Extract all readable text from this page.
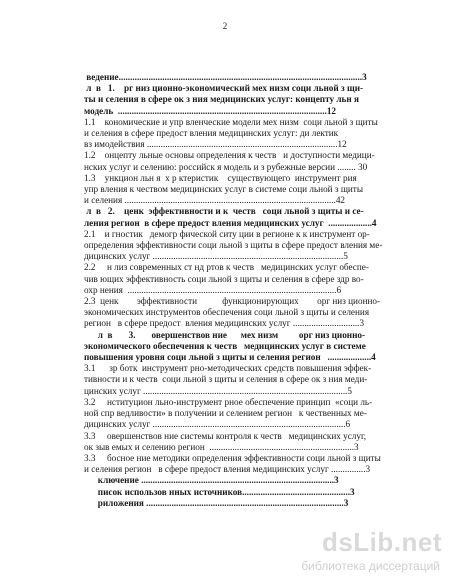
2
ведение..........................................................................................................3
л  в   1.    рг низ ционно-экономический мех низм соци льной з щи-
ты и селения в сфере ок з ния медицинских услуг: концепту льн я
модель  ...........................................................................................12
1.1    кономические и упр вленческие модели мех низм  соци льной з щиты
и селения в сфере предост вления медицинских услуг: ди лектик
вз имодействия ...................................................................................12
1.2    онцепту льные основы определения к честв   и доступности медици-
нских услуг и селению: российск я модель и з рубежные версии ........ 30
1.3    ункцион льн я  х р ктеристик    существующего  инструмент рия
упр вления к чеством медицинских услуг в системе соци льной з щиты
и селения ............................................................................................42
л  в   2.    ценк  эффективности и к  честв   соци льной з щиты и се-
ления регион  в сфере предост вления медицинских услуг  ...................4
2.1    и гностик   демогр фической ситу ции в регионе к к инструмент ор-
определения эффективности соци льной з щиты в сфере предост вления ме-
дицинских услуг ...................................................................................5
2.2     н лиз современных ст нд ртов к честв   медицинских услуг обеспе-
чив ющих эффективность соци льной з щиты и селения в сфере здр во-
охр нения  ...........................................................................................6
2.3  ценк        эффективности           функционирующих        орг низ ционно-
экономических инструментов обеспечения соци льной з щиты и селения
регион   в сфере предост  вления медицинских услуг .............................3
л  в       3.       овершенствов ние      мех низм         орг низ ционно-
экономического обеспечения к честв   медицинских услуг в системе
повышения уровня соци льной з щиты и селения регион   ...................4
3.1      зр ботк  инструмент рно-методических средств повышения эффек-
тивности и к честв  соци льной з щиты и селения в сфере ок з ния меди-
цинских услуг .........................................................................................5
3.2     нституцион льно-инструмент рное обеспечение принцип  «соци ль-
ной спр ведливости» в получении и селением регион   к чественных ме-
дицинских услуг ....................................................................................6
3.3     овершенствов ние системы контроля к честв   медицинских услуг,
ок зыв емых и селению регион  ...............................................................3
3.3     босное ние методики определения эффективности соци льной з щиты
и селения регион   в сфере предост вления медицинских услуг ...............3
ключение ....................................................................................3
писок использов нных источников...............................................3
риложения ......................................................................................3
dsLib.net
библиотека диссертаций
